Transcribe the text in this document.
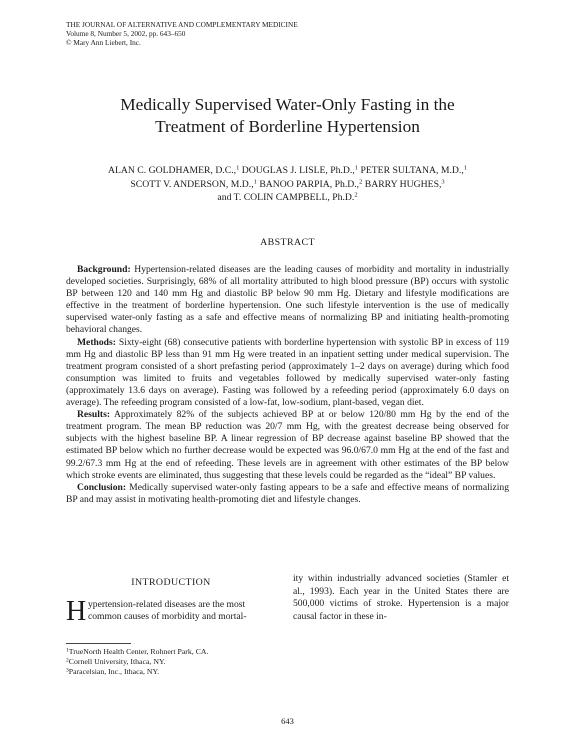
THE JOURNAL OF ALTERNATIVE AND COMPLEMENTARY MEDICINE
Volume 8, Number 5, 2002, pp. 643–650
© Mary Ann Liebert, Inc.
Medically Supervised Water-Only Fasting in the
Treatment of Borderline Hypertension
ALAN C. GOLDHAMER, D.C.,$^1$ DOUGLAS J. LISLE, Ph.D.,$^1$ PETER SULTANA, M.D.,$^1$
SCOTT V. ANDERSON, M.D.,$^1$ BANOO PARPIA, Ph.D.,$^2$ BARRY HUGHES,$^3$
and T. COLIN CAMPBELL, Ph.D.$^2$
ABSTRACT

Background: Hypertension-related diseases are the leading causes of morbidity and mortality in industrially developed societies. Surprisingly, 68% of all mortality attributed to high blood pressure (BP) occurs with systolic BP between 120 and 140 mm Hg and diastolic BP below 90 mm Hg. Dietary and lifestyle modifications are effective in the treatment of borderline hypertension. One such lifestyle intervention is the use of medically supervised water-only fasting as a safe and effective means of normalizing BP and initiating health-promoting behavioral changes.

Methods: Sixty-eight (68) consecutive patients with borderline hypertension with systolic BP in excess of 119 mm Hg and diastolic BP less than 91 mm Hg were treated in an inpatient setting under medical supervision. The treatment program consisted of a short prefasting period (approximately 1–2 days on average) during which food consumption was limited to fruits and vegetables followed by medically supervised water-only fasting (approximately 13.6 days on average). Fasting was followed by a refeeding period (approximately 6.0 days on average). The refeeding program consisted of a low-fat, low-sodium, plant-based, vegan diet.

Results: Approximately 82% of the subjects achieved BP at or below 120/80 mm Hg by the end of the treatment program. The mean BP reduction was 20/7 mm Hg, with the greatest decrease being observed for subjects with the highest baseline BP. A linear regression of BP decrease against baseline BP showed that the estimated BP below which no further decrease would be expected was 96.0/67.0 mm Hg at the end of the fast and 99.2/67.3 mm Hg at the end of refeeding. These levels are in agreement with other estimates of the BP below which stroke events are eliminated, thus suggesting that these levels could be regarded as the “ideal” BP values.

Conclusion: Medically supervised water-only fasting appears to be a safe and effective means of normalizing BP and may assist in motivating health-promoting diet and lifestyle changes.

INTRODUCTION
H ypertension-related diseases are the most
common causes of morbidity and mortal-

ity within industrially advanced societies (Stamler et al., 1993). Each year in the United States there are 500,000 victims of stroke. Hypertension is a major causal factor in these in-

$^1$TrueNorth Health Center, Rohnert Park, CA.
$^2$Cornell University, Ithaca, NY.
$^3$Paracelsian, Inc., Ithaca, NY.
643
